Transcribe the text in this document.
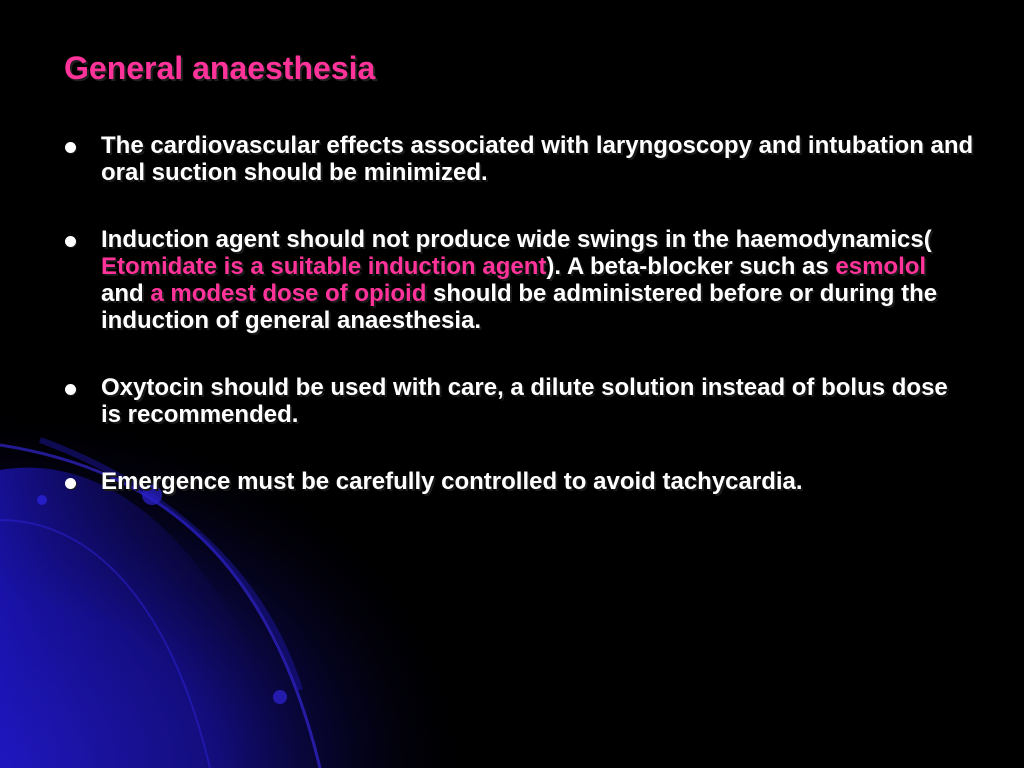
General anaesthesia
The cardiovascular effects associated with laryngoscopy and intubation and oral suction should be minimized.
Induction agent should not produce wide swings in the haemodynamics( Etomidate is a suitable induction agent). A beta-blocker such as esmolol and a modest dose of opioid should be administered before or during the induction of general anaesthesia.
Oxytocin should be used with care, a dilute solution instead of bolus dose is recommended.
Emergence must be carefully controlled to avoid tachycardia.
